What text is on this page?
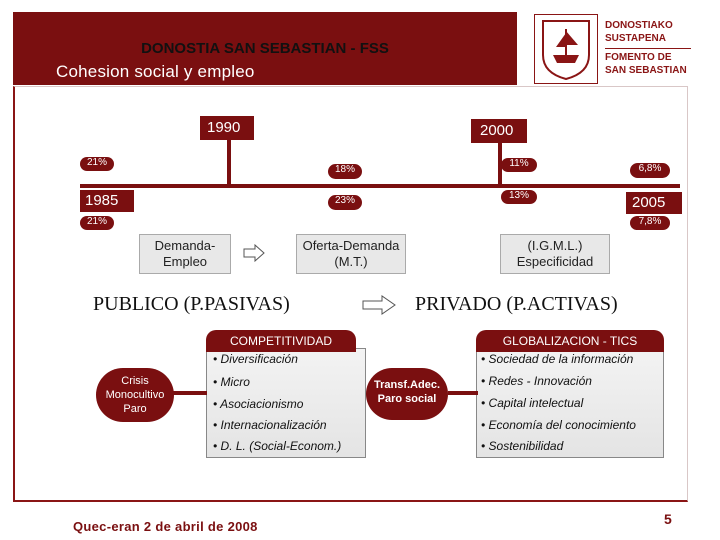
DONOSTIA SAN SEBASTIAN - FSS
Cohesion social y empleo
DONOSTIAKO
SUSTAPENA
FOMENTO DE
SAN SEBASTIAN
1990	2000
1985	2005
21%
21%
18%
23%
11%
13%
6,8%
7,8%
Demanda-
Empleo
Oferta-Demanda
(M.T.)
(I.G.M.L.)
Especificidad
PUBLICO (P.PASIVAS)	PRIVADO (P.ACTIVAS)
COMPETITIVIDAD
• Diversificación
• Micro
• Asociacionismo
• Internacionalización
• D. L. (Social-Econom.)
GLOBALIZACION - TICS
• Sociedad de la información
• Redes - Innovación
• Capital intelectual
• Economía del conocimiento
• Sostenibilidad
Crisis
Monocultivo
Paro
Transf.Adec.
Paro social
Quec-eran 2 de abril de 2008	5
